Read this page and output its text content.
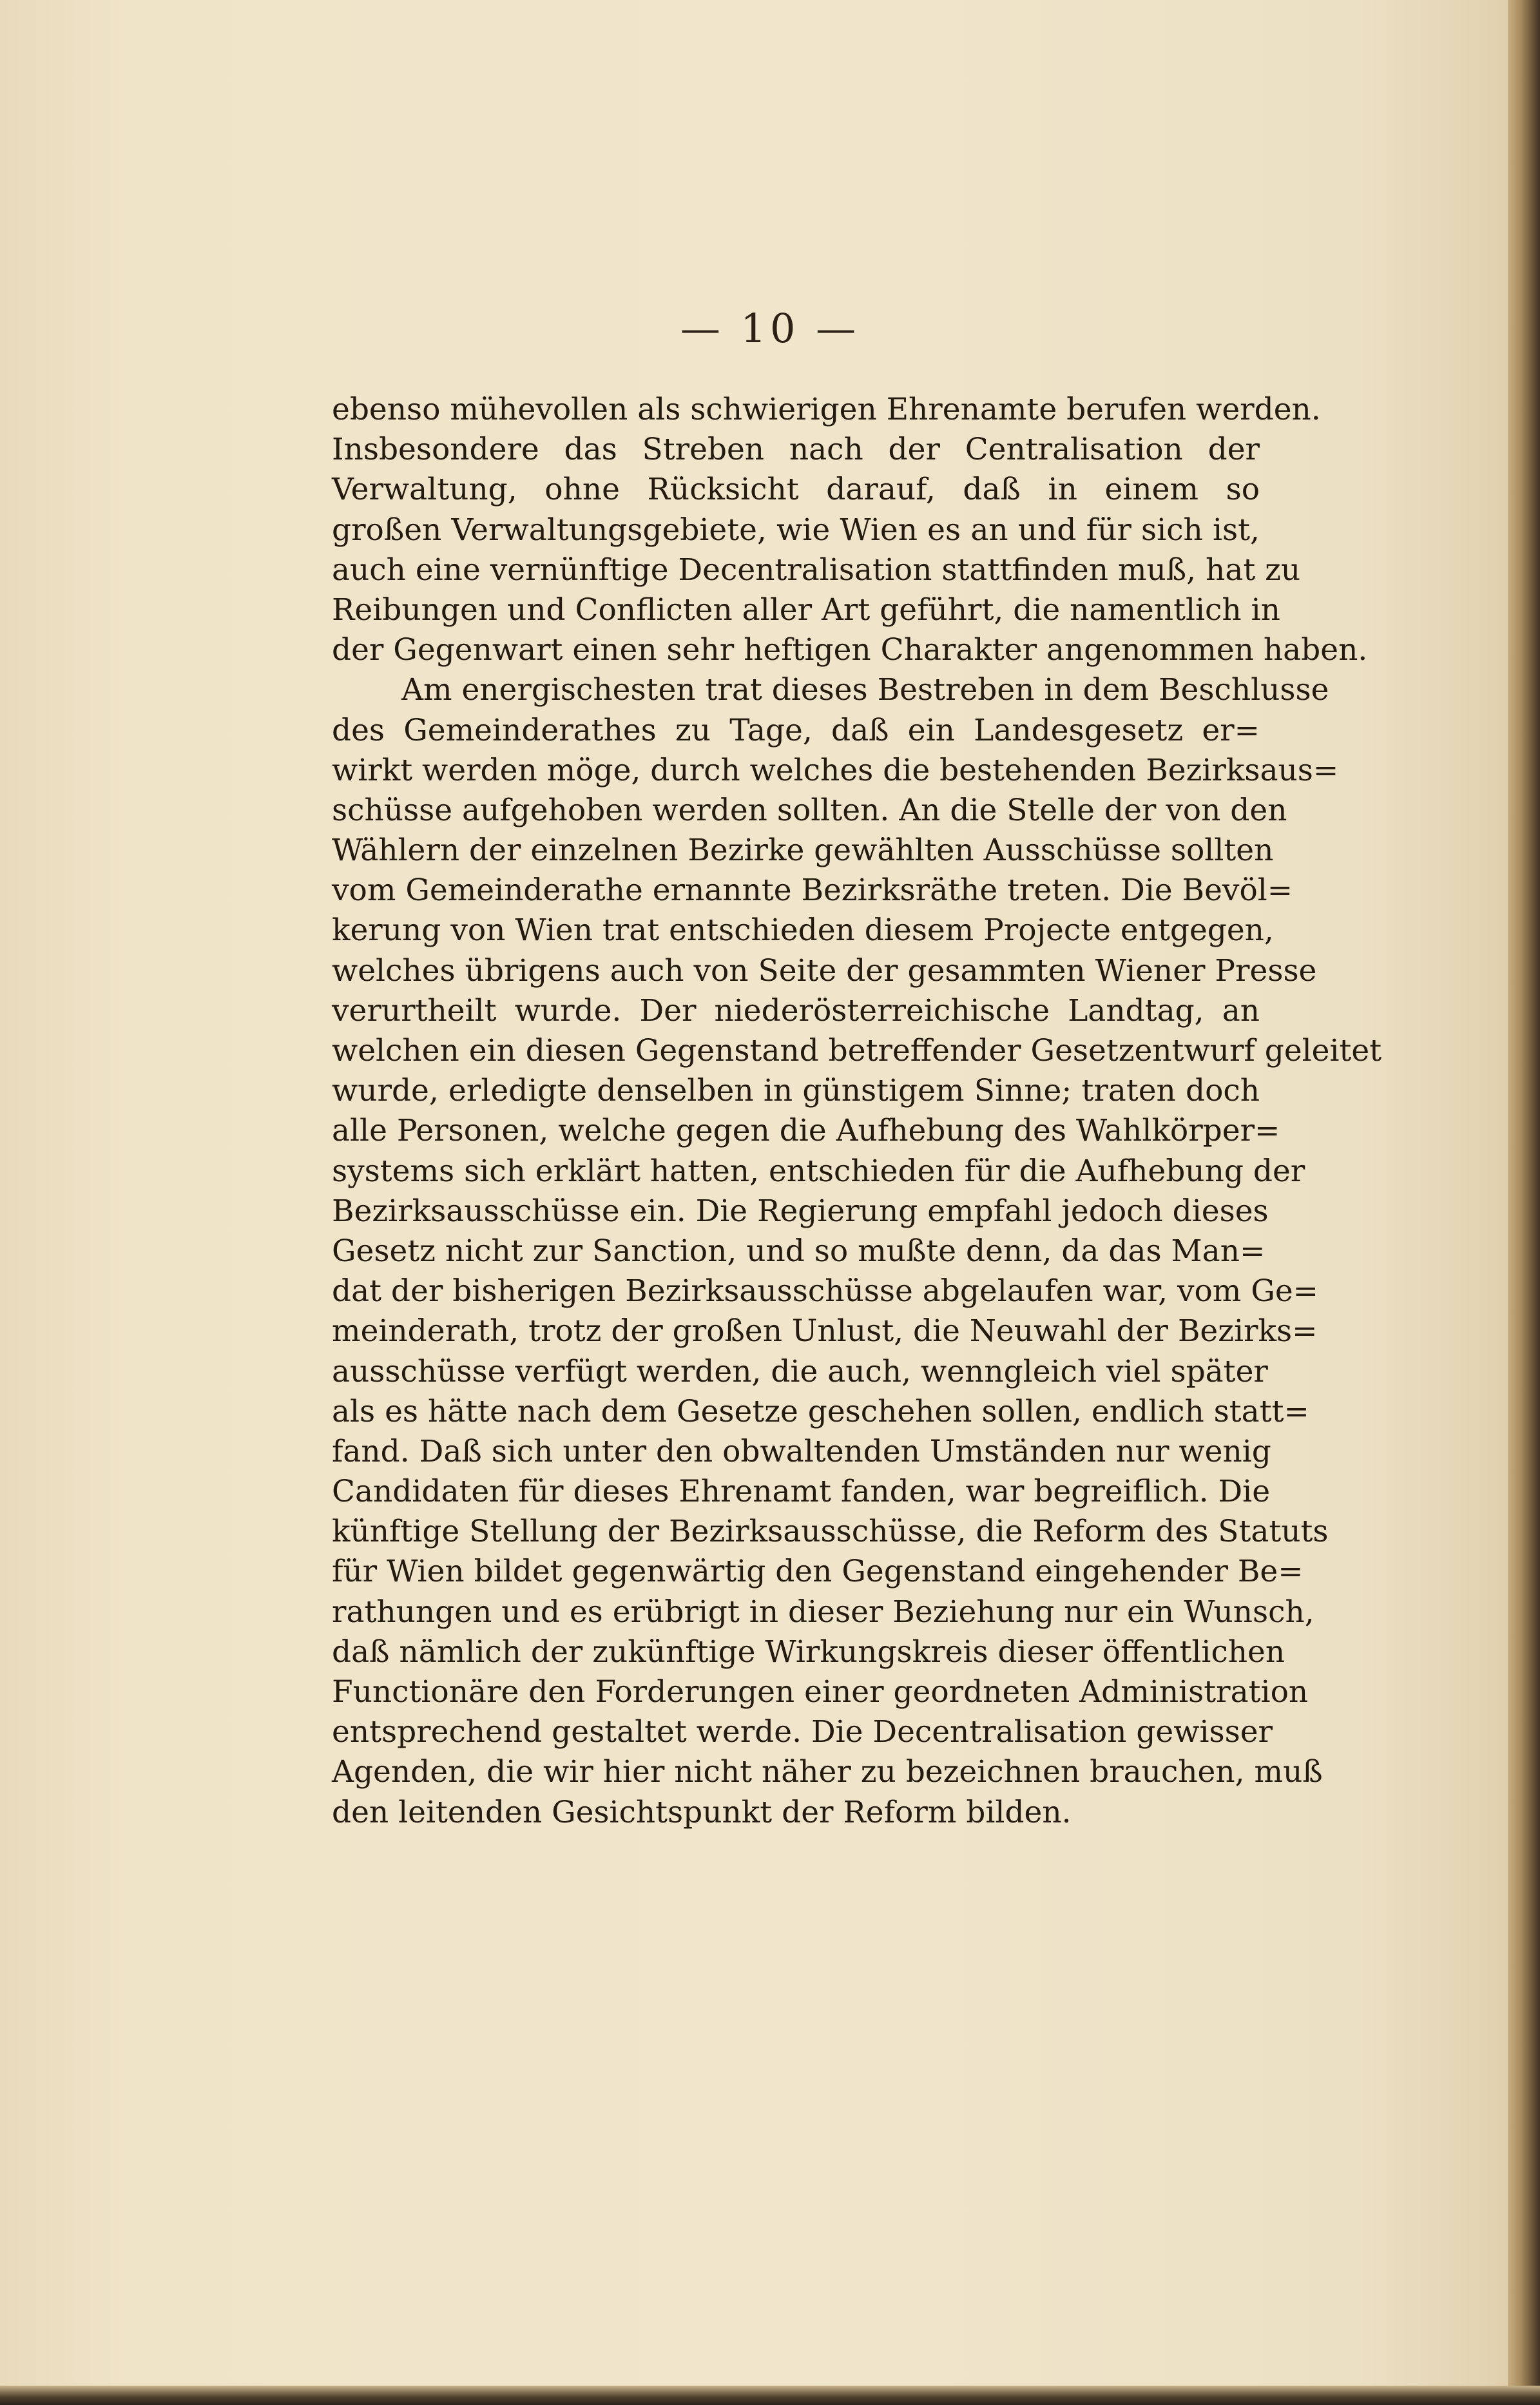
— 10 —
ebenso mühevollen als schwierigen Ehrenamte berufen werden.
Insbesondere das Streben nach der Centralisation der
Verwaltung, ohne Rücksicht darauf, daß in einem so
großen Verwaltungsgebiete, wie Wien es an und für sich ist,
auch eine vernünftige Decentralisation stattfinden muß, hat zu
Reibungen und Conflicten aller Art geführt, die namentlich in
der Gegenwart einen sehr heftigen Charakter angenommen haben.
Am energischesten trat dieses Bestreben in dem Beschlusse
des Gemeinderathes zu Tage, daß ein Landesgesetz er=
wirkt werden möge, durch welches die bestehenden Bezirksaus=
schüsse aufgehoben werden sollten. An die Stelle der von den
Wählern der einzelnen Bezirke gewählten Ausschüsse sollten
vom Gemeinderathe ernannte Bezirksräthe treten. Die Bevöl=
kerung von Wien trat entschieden diesem Projecte entgegen,
welches übrigens auch von Seite der gesammten Wiener Presse
verurtheilt wurde. Der niederösterreichische Landtag, an
welchen ein diesen Gegenstand betreffender Gesetzentwurf geleitet
wurde, erledigte denselben in günstigem Sinne; traten doch
alle Personen, welche gegen die Aufhebung des Wahlkörper=
systems sich erklärt hatten, entschieden für die Aufhebung der
Bezirksausschüsse ein. Die Regierung empfahl jedoch dieses
Gesetz nicht zur Sanction, und so mußte denn, da das Man=
dat der bisherigen Bezirksausschüsse abgelaufen war, vom Ge=
meinderath, trotz der großen Unlust, die Neuwahl der Bezirks=
ausschüsse verfügt werden, die auch, wenngleich viel später
als es hätte nach dem Gesetze geschehen sollen, endlich statt=
fand. Daß sich unter den obwaltenden Umständen nur wenig
Candidaten für dieses Ehrenamt fanden, war begreiflich. Die
künftige Stellung der Bezirksausschüsse, die Reform des Statuts
für Wien bildet gegenwärtig den Gegenstand eingehender Be=
rathungen und es erübrigt in dieser Beziehung nur ein Wunsch,
daß nämlich der zukünftige Wirkungskreis dieser öffentlichen
Functionäre den Forderungen einer geordneten Administration
entsprechend gestaltet werde. Die Decentralisation gewisser
Agenden, die wir hier nicht näher zu bezeichnen brauchen, muß
den leitenden Gesichtspunkt der Reform bilden.
